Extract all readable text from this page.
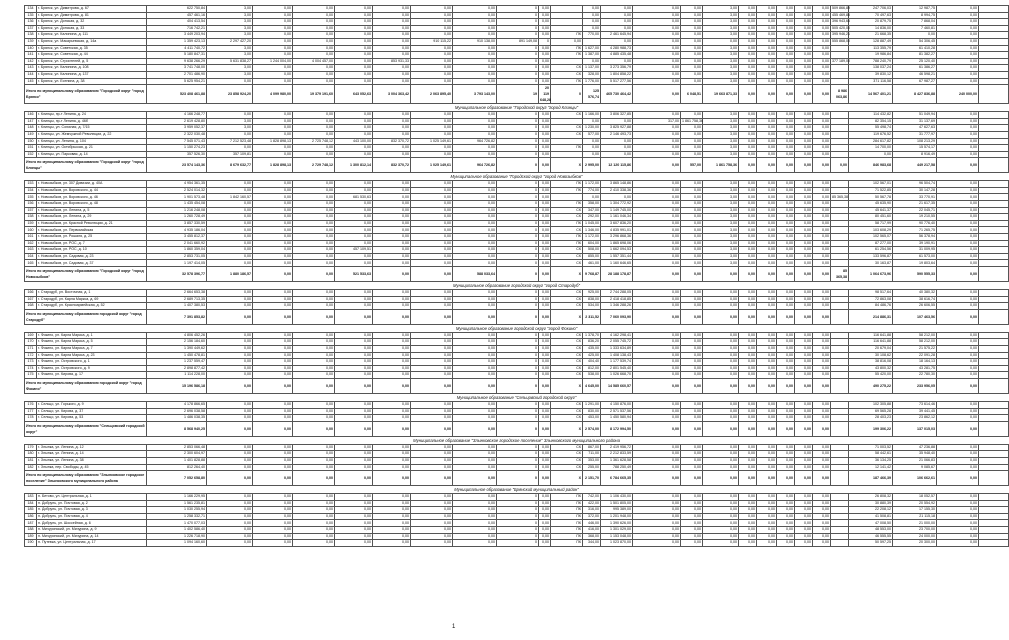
134	г. Брянск, ул. Димитрова, д. 67	622 750,84	3,00	0,00	0,00	0,00	0,00	0,00	0,00	0	0,00		0,00	0,00	0,00	0,00	3,00	0,00	0,00	0,00	0,00	0,00	509 866,89	247 706,03	12 987,75	0,00	
135	г. Брянск, ул. Димитрова, д. 81	457 461,16	3,00	0,00	0,00	0,00	0,00	0,00	0,00	0	0,00		0,00	0,00	0,00	0,00	3,00	0,00	0,00	0,00	0,00	0,00	455 469,86	70 497,63	8 994,75	0,00	
136	г. Брянск, ул. Донская, д. 32	404 413,54	3,00	0,00	0,00	0,00	0,00	0,00	0,00	0	0,00		0,00	0,00	0,00	0,00	3,00	0,00	0,00	0,00	0,00	0,00	396 943,66	20 879,75	7 868,04	0,00	
137	г. Брянск, ул. Донская, д. 33	716 742,21	3,00	0,00	0,00	0,00	0,00	0,00	0,00	0	0,00		0,00	0,00	0,00	0,00	3,00	0,00	0,00	0,00	0,00	0,00	505 420,00	14 836,00	7 460,81	0,00	
138	г. Брянск, ул. Калинина, д. 111	3 449 203,94	3,00	0,00	0,00	0,00	0,00	0,00	0,00	0	0,00	ПК	770,00	2 461 645,94	0,00	0,00	3,00	0,00	0,00	0,00	0,00	0,00	395 946,21	21 668,35	0,00	0,00	
139	г. Брянск, ул. Макарьевская, д. 14а	1 359 423,13	2 297 427,20	0,00	0,00	0,00	0,00	910 115,22	910 138,00	891 149,08	0	0,00		0,00	0,00	0,00	0,00	0,00	0,00	0,00	0,00	0,00	555 868,00	128 887,49	54 306,45	0,00	
140	г. Брянск, ул. Советская, д. 35	4 411 740,72	3,00	0,00	0,00	0,00	0,00	0,00	0,00	0	0,00	ПК	1 627,00	4 280 988,73	0,00	0,00	3,00	0,00	0,00	0,00	0,00	0,00		113 355,79	61 410,28	0,00	
141	г. Брянск, ул. Советская, д. 44	5 180 847,31	3,00	0,00	0,00	0,00	0,00	0,00	0,00	0	0,00	ПК	1 387,00	4 885 435,48	0,00	0,00	3,00	0,00	0,00	0,00	0,00	0,00		19 986,84	81 382,27	0,00	
142	г. Брянск, ул. Строителей, д. 5	9 638 266,29	5 631 838,27	1 244 004,00	4 004 457,00	0,00	853 931,33	0,00	0,00	0	0,00		0,00	0,00	0,00	0,00	3,00	0,00	0,00	0,00	0,00	0,00	377 189,00	788 240,79	25 120,40	0,00	
143	г. Брянск, ул. Калинина, д. 108	3 741 748,00	3,00	0,00	0,00	0,00	0,00	0,00	0,00	0	0,00	СК	1 137,00	3 273 356,79	0,00	0,00	3,00	0,00	0,00	0,00	0,00	0,00		138 037,24	61 386,27	0,00	
144	г. Брянск, ул. Калинина, д. 137	2 701 486,90	3,00	0,00	0,00	0,00	0,00	0,00	0,00	0	0,00	СК	328,00	1 804 858,22	0,00	0,00	3,00	0,00	0,00	0,00	0,00	0,00		39 830,12	46 598,21	0,00	
145	г. Брянск, ул. Есенина, д. 38	5 625 954,21	0,00	0,00	0,00	0,00	0,00	0,00	0,00	0	0,00	ПК	1 776,00	5 517 277,56	0,00	0,00	3,00	0,00	0,00	0,00	0,00	0,00		371 116,58	67 987,27	0,00	
Итого по муниципальному образованию "Городской округ "город Брянск"		523 408 461,88	23 858 924,20	4 099 980,00	19 379 191,60	643 052,63	3 004 363,42	2 063 895,40	3 793 143,00	19	20 119 648,28	0	125 576,74	465 730 464,42	0,00	6 048,51	19 663 871,33	0,00	0,00	0,00	0,00	0,00	8 986 063,86	14 567 401,21	8 427 836,88	240 000,00	
Муниципальное образование "Городской округ "город Клинцы"																											
146	г. Клинцы, пр-т Ленина, д. 24	4 166 248,77	0,00	0,00	0,00	0,00	0,00	0,00	0,00	0	0,00	СК	1 166,00	3 806 327,85	0,00	0,00	3,00	0,00	0,00	0,00	0,00	0,00		114 432,82	51 049,94	0,00	
147	г. Клинцы, пр-т Ленина, д. 46б	2 619 428,80	3,00	0,00	0,00	0,00	0,00	0,00	0,00	0	0,00		0,00	0,00	317,00	1 861 758,36	3,00	0,00	0,00	0,00	0,00	0,00		82 354,15	31 137,69	0,00	
148	г. Клинцы, ул. Союзная, д. 7/15	3 959 052,37	3,00	0,00	0,00	0,00	0,00	0,00	0,00	0	0,00	СК	1 230,00	3 825 927,88	0,00	0,00	3,00	0,00	0,00	0,00	0,00	0,00		55 498,74	47 627,63	0,00	
149	г. Клинцы, ул. Жемчужной Революции, д. 22	2 322 030,48	0,00	0,00	0,00	0,00	0,00	0,00	0,00	0	0,00	СК	577,00	2 146 493,73	0,00	0,00	3,00	0,00	0,00	0,00	0,00	0,00		119 676,52	31 777,97	0,00	
150	г. Клинцы, ул. Ленина, д. 104	7 545 071,43	7 212 523,48	1 828 898,13	2 725 748,12	443 100,00	832 370,72	1 025 149,61	964 726,82	0	0,00		0,00	0,00	0,00	0,00	3,00	0,00	0,00	0,00	0,00	0,00		284 617,82	108 213,29	0,00	
151	г. Клинцы, ул. Октябрьская, д. 21	1 150 274,23	0,00	0,00	0,00	0,00	0,00	0,00	0,00	0	0,00	ПК	0,00	0,00	0,00	0,00	3,00	0,00	0,00	0,00	0,00	0,00		14 700,00	15 574,17	0,00	
152	г. Клинцы, ул. Парковая, д. 14	357 526,30	357 109,81	0,00	0,00	0,00	0,00	0,00	0,00	0	0,00		0,00	0,00	0,00	0,00	3,00	0,00	0,00	0,00	0,00	0,00		0,00	8 916,49	0,00	
Итого по муниципальному образованию "Городской округ "город Клинцы"		23 574 143,36	8 679 632,77	1 828 898,13	2 729 748,12	1 300 812,14	832 370,72	1 025 149,61	964 726,82	0	0,00	Х	2 995,00	12 120 115,86	0,00	557,00	1 861 758,36	0,00	0,00	0,00	0,00	0,00	0,00	846 983,68	449 217,58	0,00	
Муниципальное образование "Городской округ "город Новозыбков"																											
153	г. Новозыбков, ул. 307 Дивизии, д. 40А	4 954 361,35	0,00	0,00	0,00	0,00	0,00	0,00	0,00	0	0,00	ПК	1 172,00	3 865 148,86	0,00	0,00	3,00	0,00	0,00	0,00	0,00	0,00		102 567,01	96 504,74	0,00	
154	г. Новозыбков, ул. Воровского, д. 44	2 524 014,32	0,00	0,00	0,00	0,00	0,00	0,00	0,00	0	0,00	ПК	774,00	2 410 338,36	0,00	0,00	3,00	0,00	0,00	0,00	0,00	0,00		71 522,85	30 147,28	0,00	
155	г. Новозыбков, ул. Воровского, д. 46	1 901 573,48	1 842 160,57	0,00	0,00	681 530,63	0,00	0,00	0,00	0	0,00		0,00	0,00	0,00	0,00	3,00	0,00	0,00	0,00	0,00	0,00	85 365,38	50 567,78	33 770,91	0,00	
156	г. Новозыбков, ул. Воровского, д. 48	1 435 454,08	0,00	0,00	0,00	0,00	0,00	0,00	0,00	0	0,00	ПК	358,00	1 304 772,92	0,00	0,00	3,00	0,00	0,00	0,00	0,00	0,00		45 635,90	21 617,35	0,00	
157	г. Новозыбков, ул. Ленина, д. 5	1 216 248,08	0,00	0,00	0,00	0,00	0,00	0,00	0,00	0	0,00	СК	347,00	1 149 745,00	0,00	0,00	3,00	0,00	0,00	0,00	0,00	0,00		45 641,37	22 045,71	0,00	
158	г. Новозыбков, ул. Ленина, д. 29	1 260 728,49	0,00	0,00	0,00	0,00	0,00	0,00	0,00	0	0,00	СК	292,00	1 161 046,34	0,00	0,00	3,00	0,00	0,00	0,00	0,00	0,00		80 451,60	19 210,55	0,00	
159	г. Новозыбков, ул. Красной Революции, д. 21	3 857 330,59	0,00	0,00	0,00	0,00	0,00	0,00	0,00	0	0,00	ПК	1 045,00	3 607 836,20	0,00	0,00	3,00	0,00	0,00	0,00	0,00	0,00		58 717,99	90 776,40	0,00	
160	г. Новозыбков, ул. Первомайская	4 935 186,04	0,00	0,00	0,00	0,00	0,00	0,00	0,00	0	0,00	СК	1 346,00	4 835 991,01	0,00	0,00	3,00	0,00	0,00	0,00	0,00	0,00		103 608,29	71 265,75	0,00	
161	г. Новозыбков, ул. Рошаля, д. 25	3 455 812,37	0,00	0,00	0,00	0,00	0,00	0,00	0,00	0	0,00	ПК	1 172,00	3 296 868,36	0,00	0,00	3,00	0,00	0,00	0,00	0,00	0,00		102 565,07	56 378,94	0,00	
162	г. Новозыбков, ул. РОС, д. 7	2 041 660,92	0,00	0,00	0,00	0,00	0,00	0,00	0,00	0	0,00	ПК	604,00	1 865 698,06	0,00	0,00	3,00	0,00	0,00	0,00	0,00	0,00		87 277,00	39 190,91	0,00	
163	г. Новозыбков, ул. РОС, д. 10	1 860 359,04	0,00	0,00	0,00	457 109,51	0,00	0,00	0,00	0	0,00	СК	508,00	1 662 094,53	0,00	0,00	3,00	0,00	0,00	0,00	0,00	0,00		61 254,56	31 009,95	0,00	
164	г. Новозыбков, ул. Садовая, д. 23	2 853 731,05	0,00	0,00	0,00	0,00	0,00	0,00	0,00	0	0,00	СК	855,00	1 557 351,44	0,00	0,00	3,00	0,00	0,00	0,00	0,00	0,00		133 596,87	61 573,00	0,00	
165	г. Новозыбков, ул. Садовая, д. 37	1 197 414,05	0,00	0,00	0,00	0,00	0,00	0,00	0,00	0	0,00	СК	461,00	1 160 646,65	0,00	0,00	3,00	0,00	0,00	0,00	0,00	0,00		30 163,87	19 803,64	0,00	
Итого по муниципальному образованию "Городской округ "город Новозыбков"		32 578 396,77	1 880 186,57	0,00	0,00	521 533,63	0,00	0,00	588 033,64	0	0,00	Х	9 768,87	28 188 178,87	0,00	0,00	0,00	0,00	0,00	0,00	0,00	0,00	85 365,38	1 064 673,96	590 555,33	0,00	
Муниципальное образование городской округ "город Стародуб"																											
166	г. Стародуб, ул. Восточная, д. 1	2 664 653,38	0,00	0,00	0,00	0,00	0,00	0,00	0,00	0	0,00	СК	925,00	2 744 288,05	0,00	0,00	0,00	0,00	0,00	0,00	0,00	0,00		98 517,64	40 380,32	0,00	
167	г. Стародуб, ул. Карла Маркса, д. 69	2 689 713,35	0,00	0,00	0,00	0,00	0,00	0,00	0,00	0	0,00	СК	838,00	2 418 418,85	0,00	0,00	0,00	0,00	0,00	0,00	0,00	0,00		72 863,08	38 616,74	0,00	
168	г. Стародуб, ул. Красноармейская, д. 52	1 407 380,53	0,00	0,00	0,00	0,00	0,00	0,00	0,00	0	0,00	СК	534,00	1 346 288,26	0,00	0,00	0,00	0,00	0,00	0,00	0,00	0,00		84 486,76	26 606,55	0,00	
Итого по муниципальному образованию городской округ "город Стародуб"		7 391 853,82	0,00	0,00	0,00	0,00	0,00	0,00	0,00	0	0,00	Х	2 311,52	7 060 093,90	0,00	0,00	0,00	0,00	0,00	0,00	0,00	0,00		214 886,31	107 463,56	0,00	
Муниципальное образование городской округ "город Фокино"																											
169	г. Фокино, ул. Карла Маркса, д. 1	4 806 452,26	0,00	0,00	0,00	0,00	0,00	0,00	0,00	0	0,00	СК	1 378,70	4 162 298,41	0,00	0,00	0,00	0,00	0,00	0,00	0,00	0,00		116 641,88	58 212,00	0,00	
170	г. Фокино, ул. Карла Маркса, д. 5	2 156 184,60	0,00	0,00	0,00	0,00	0,00	0,00	0,00	0	0,00	СК	836,20	2 055 745,72	0,00	0,00	0,00	0,00	0,00	0,00	0,00	0,00		116 641,88	58 212,00	0,00	
171	г. Фокино, ул. Карла Маркса, д. 7	1 390 449,62	0,00	0,00	0,00	0,00	0,00	0,00	0,00	0	0,00	СК	435,00	1 333 634,89	0,00	0,00	0,00	0,00	0,00	0,00	0,00	0,00		20 679,04	21 575,22	0,00	
172	г. Фокино, ул. Карла Маркса, д. 23	1 450 478,81	0,00	0,00	0,00	0,00	0,00	0,00	0,00	0	0,00	СК	425,00	1 408 138,43	0,00	0,00	0,00	0,00	0,00	0,00	0,00	0,00		30 108,62	22 091,28	0,00	
173	г. Фокино, ул. Островского, д. 1	1 237 559,47	0,00	0,00	0,00	0,00	0,00	0,00	0,00	0	0,00	СК	404,40	1 177 539,74	0,00	0,00	0,00	0,00	0,00	0,00	0,00	0,00		38 816,08	18 164,13	0,00	
174	г. Фокино, ул. Островского, д. 9	2 898 877,42	0,00	0,00	0,00	0,00	0,00	0,00	0,00	0	0,00	СК	812,00	2 801 545,40	0,00	0,00	0,00	0,00	0,00	0,00	0,00	0,00		43 800,32	43 281,75	0,00	
175	г. Фокино, ул. Кирова, д. 17	1 114 228,00	0,00	0,00	0,00	0,00	0,00	0,00	0,00	0	0,00	СК	538,00	1 026 668,70	0,00	0,00	0,00	0,00	0,00	0,00	0,00	0,00		55 420,00	22 780,30	0,00	
Итого по муниципальному образованию городской округ "город Фокино"		15 196 586,18	0,00	0,00	0,00	0,00	0,00	0,00	0,00	0	0,00	Х	4 645,00	14 585 660,57	0,00	0,00	0,00	0,00	0,00	0,00	0,00	0,00		490 275,22	233 956,05	0,00	
Муниципальное образование "Сельцовский городской округ"																											
176	г. Сельцо, ул. Горького, д. 9	4 178 866,65	0,00	0,00	0,00	0,00	0,00	0,00	0,00	0	0,00	СК	1 291,00	4 150 876,00	0,00	0,00	0,00	0,00	0,00	0,00	0,00	0,00		102 305,88	73 614,46	0,00	
177	г. Сельцо, ул. Кирова, д. 37	2 696 038,58	0,00	0,00	0,00	0,00	0,00	0,00	0,00	0	0,00	СК	830,00	2 571 537,56	0,00	0,00	0,00	0,00	0,00	0,00	0,00	0,00		69 565,28	39 441,45	0,00	
178	г. Сельцо, ул. Кирова, д. 53	1 486 038,35	0,00	0,00	0,00	0,00	0,00	0,00	0,00	0	0,00	СК	453,00	1 450 580,94	0,00	0,00	0,00	0,00	0,00	0,00	0,00	0,00		28 403,23	23 862,12	0,00	
Итого по муниципальному образованию "Сельцовский городской округ"		8 568 940,25	0,00	0,00	0,00	0,00	0,00	0,00	0,00	0	0,00	Х	2 574,00	8 172 994,50	0,00	0,00	0,00	0,00	0,00	0,00	0,00	0,00		199 306,22	137 015,03	0,00	
Муниципальное образование "Злынковское городское поселение" Злынковского муниципального района																											
179	г. Злынка, ул. Ленина, д. 12	2 853 066,48	0,00	0,00	0,00	0,00	0,00	0,00	0,00	0	0,00	СК	867,00	2 419 956,72	0,00	0,00	0,00	0,00	0,00	0,00	0,00	0,00		71 003,52	47 236,88	0,00	
180	г. Злынка, ул. Ленина, д. 14	2 300 604,97	0,00	0,00	0,00	0,00	0,00	0,00	0,00	0	0,00	СК	711,00	2 212 833,59	0,00	0,00	0,00	0,00	0,00	0,00	0,00	0,00		58 442,61	35 948,40	0,00	
181	г. Злынка, ул. Ленина, д. 38	1 401 828,88	0,00	0,00	0,00	0,00	0,00	0,00	0,00	0	0,00	СК	353,00	1 361 628,58	0,00	0,00	0,00	0,00	0,00	0,00	0,00	0,00		36 134,25	21 066,83	0,00	
182	г. Злынка, пер. Свободы, д. 45	812 264,40	0,00	0,00	0,00	0,00	0,00	0,00	0,00	0	0,00	СК	255,00	788 250,49	0,00	0,00	0,00	0,00	0,00	0,00	0,00	0,00		12 141,42	9 085,67	0,00	
Итого по муниципальному образованию "Злынковское городское поселение" Злынковского муниципального района		7 052 658,80	0,00	0,00	0,00	0,00	0,00	0,00	0,00	0	0,00	Х	2 151,70	6 784 665,35	0,00	0,00	0,00	0,00	0,00	0,00	0,00	0,00		187 466,39	106 662,61	0,00	
Муниципальное образование "Брянский муниципальный район"																											
183	п. Бетово, ул. Центральная, д. 1	1 166 229,95	0,00	0,00	0,00	0,00	0,00	0,00	0,00	0	0,00	ПК	742,00	1 106 430,00	0,00	0,00	0,00	0,00	0,00	0,00	0,00	0,00		26 808,32	18 052,57	0,00	
184	п. Добрунь, ул. Почтовая, д. 2	1 561 235,81	0,00	0,00	0,00	0,00	0,00	0,00	0,00	0	0,00	ПК	422,00	1 501 805,00	0,00	0,00	0,00	0,00	0,00	0,00	0,00	0,00		30 880,39	20 554,92	0,00	
185	п. Добрунь, ул. Почтовая, д. 3	1 030 255,94	0,00	0,00	0,00	0,00	0,00	0,00	0,00	0	0,00	ПК	316,00	995 389,00	0,00	0,00	0,00	0,00	0,00	0,00	0,00	0,00		22 208,12	17 155,30	0,00	
186	п. Добрунь, ул. Почтовая, д. 4	1 258 332,71	0,00	0,00	0,00	0,00	0,00	0,00	0,00	0	0,00	ПК	372,00	1 201 948,00	0,00	0,00	0,00	0,00	0,00	0,00	0,00	0,00		41 508,81	21 115,18	0,00	
187	п. Добрунь, ул. Шоссейная, д. 6	1 470 077,03	0,00	0,00	0,00	0,00	0,00	0,00	0,00	0	0,00	ПК	446,00	1 390 626,00	0,00	0,00	0,00	0,00	0,00	0,00	0,00	0,00		47 008,50	21 000,00	0,00	
188	п. Мичуринский, ул. Мичурина, д. 9	1 402 586,40	0,00	0,00	0,00	0,00	0,00	0,00	0,00	0	0,00	ПК	416,00	1 301 029,00	0,00	0,00	0,00	0,00	0,00	0,00	0,00	0,00		48 553,00	23 700,00	0,00	
189	п. Мичуринский, ул. Мичурина, д. 14	1 226 718,90	0,00	0,00	0,00	0,00	0,00	0,00	0,00	0	0,00	ПК	368,00	1 153 048,00	0,00	0,00	0,00	0,00	0,00	0,00	0,00	0,00		46 555,55	24 000,00	0,00	
190	п. Путевка, ул. Центральная, д. 17	1 094 160,60	0,00	0,00	0,00	0,00	0,00	0,00	0,00	0	0,00	ПК	344,00	1 023 870,00	0,00	0,00	0,00	0,00	0,00	0,00	0,00	0,00		50 597,25	20 300,00	0,00	
1
